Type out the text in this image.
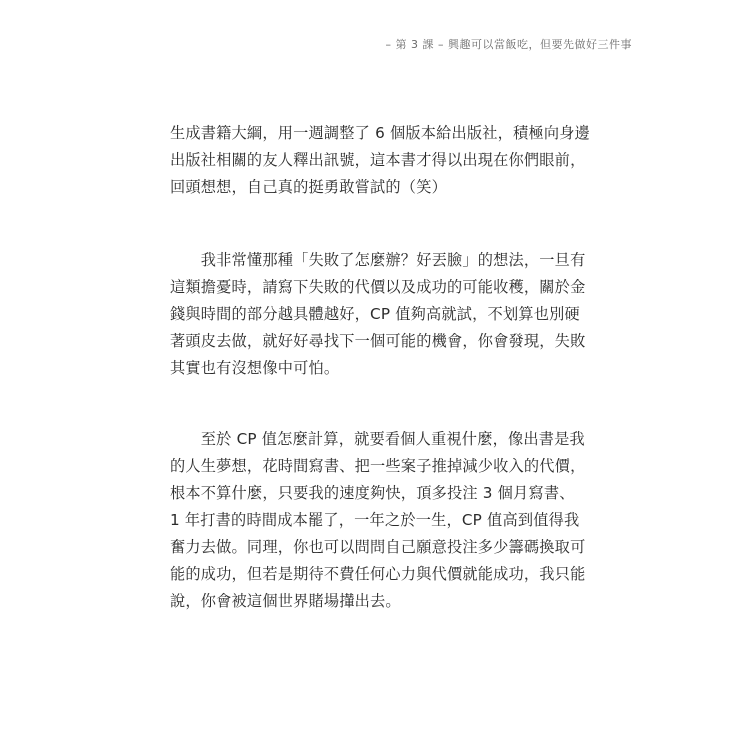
– 第 3 課 – 興趣可以當飯吃，但要先做好三件事

生成書籍大綱，用一週調整了 6 個版本給出版社，積極向身邊
出版社相關的友人釋出訊號，這本書才得以出現在你們眼前，
回頭想想，自己真的挺勇敢嘗試的（笑）

　　我非常懂那種「失敗了怎麼辦？好丟臉」的想法，一旦有
這類擔憂時，請寫下失敗的代價以及成功的可能收穫，關於金
錢與時間的部分越具體越好，CP 值夠高就試，不划算也別硬
著頭皮去做，就好好尋找下一個可能的機會，你會發現，失敗
其實也有沒想像中可怕。

　　至於 CP 值怎麼計算，就要看個人重視什麼，像出書是我
的人生夢想，花時間寫書、把一些案子推掉減少收入的代價，
根本不算什麼，只要我的速度夠快，頂多投注 3 個月寫書、
1 年打書的時間成本罷了，一年之於一生，CP 值高到值得我
奮力去做。同理，你也可以問問自己願意投注多少籌碼換取可
能的成功，但若是期待不費任何心力與代價就能成功，我只能
說，你會被這個世界賭場攆出去。
